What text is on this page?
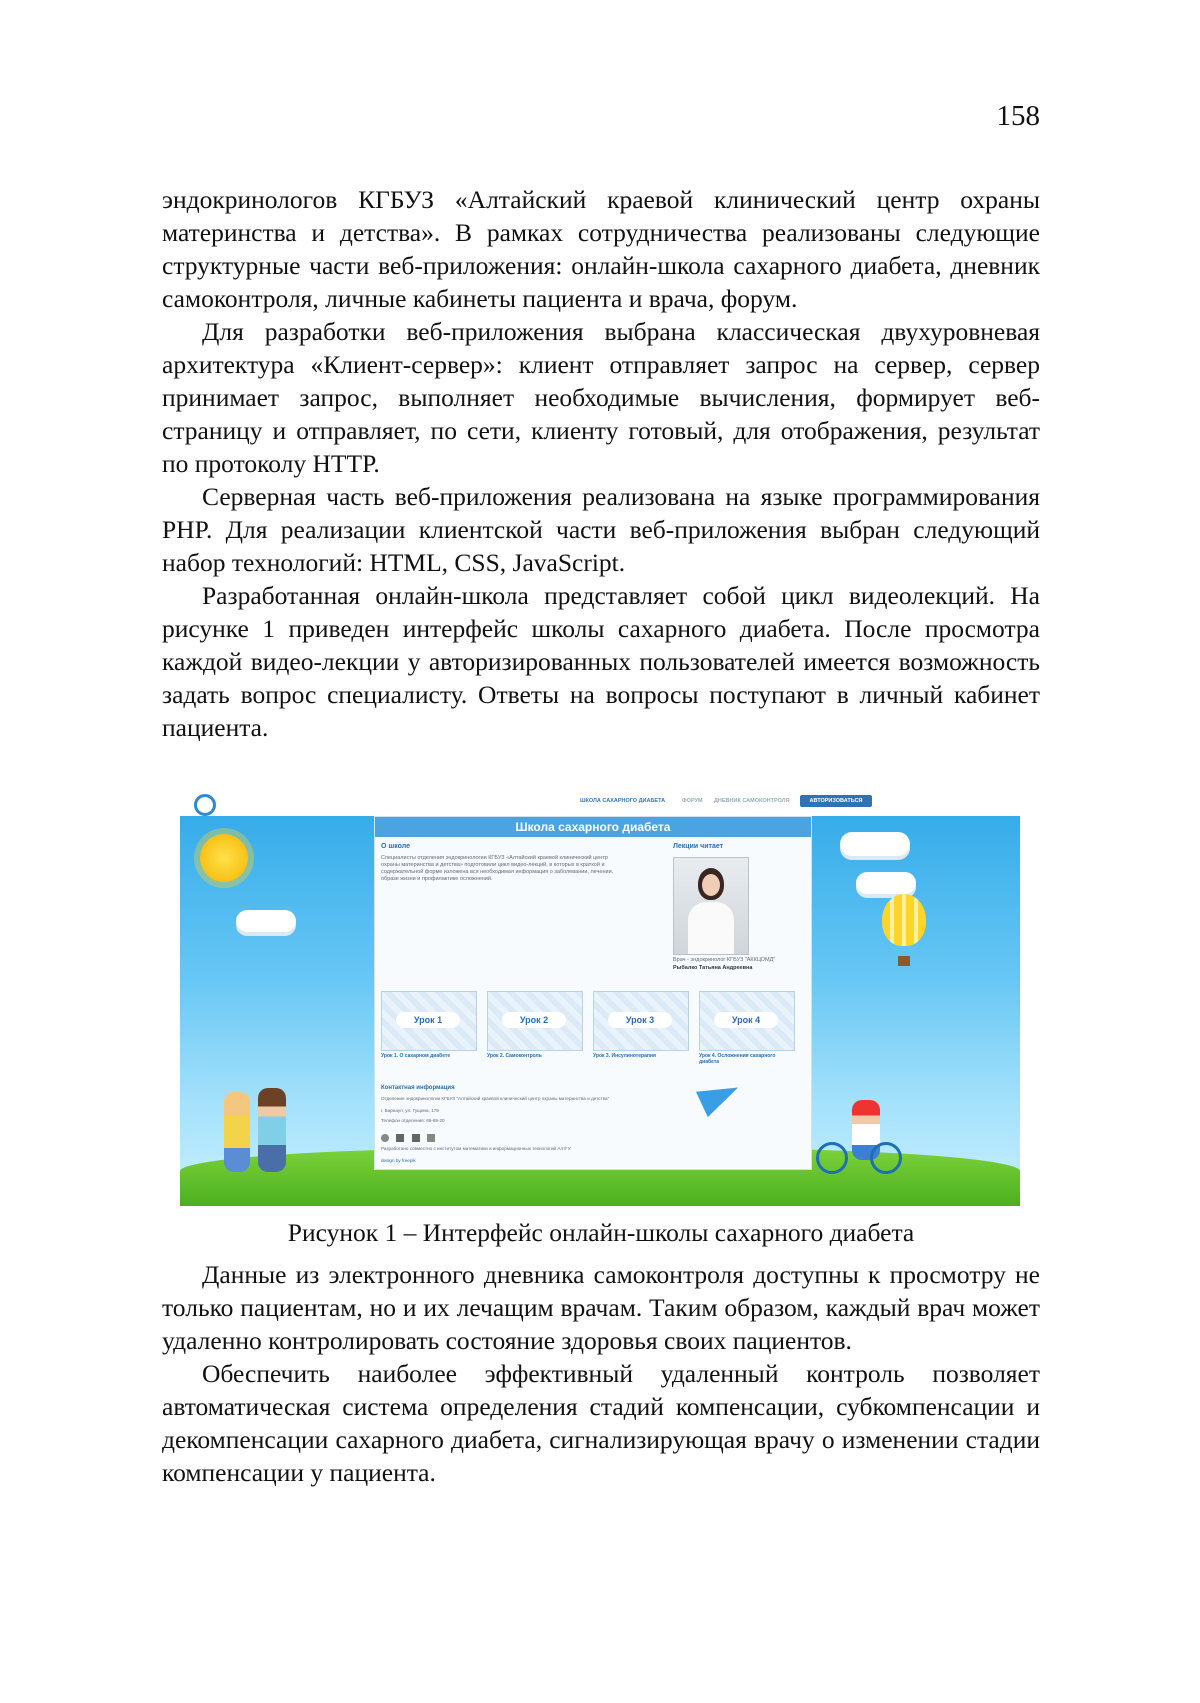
158

эндокринологов КГБУЗ «Алтайский краевой клинический центр охраны материнства и детства». В рамках сотрудничества реализованы следующие структурные части веб-приложения: онлайн-школа сахарного диабета, дневник самоконтроля, личные кабинеты пациента и врача, форум.

Для разработки веб-приложения выбрана классическая двухуровневая архитектура «Клиент-сервер»: клиент отправляет запрос на сервер, сервер принимает запрос, выполняет необходимые вычисления, формирует веб-страницу и отправляет, по сети, клиенту готовый, для отображения, результат по протоколу HTTP.

Серверная часть веб-приложения реализована на языке программирования PHP. Для реализации клиентской части веб-приложения выбран следующий набор технологий: HTML, CSS, JavaScript.

Разработанная онлайн-школа представляет собой цикл видеолекций. На рисунке 1 приведен интерфейс школы сахарного диабета. После просмотра каждой видео-лекции у авторизированных пользователей имеется возможность задать вопрос специалисту. Ответы на вопросы поступают в личный кабинет пациента.

ШКОЛА САХАРНОГО ДИАБЕТА	ФОРУМ ДНЕВНИК САМОКОНТРОЛЯ	АВТОРИЗОВАТЬСЯ
Школа сахарного диабета
О школе
Специалисты отделения эндокринологии КГБУЗ «Алтайский краевой клинический центр охраны материнства и детства» подготовили цикл видео-лекций, в которых в краткой и содержательной форме изложена вся необходимая информация о заболевании, лечении, образе жизни и профилактике осложнений.
Лекции читает
Врач - эндокринолог КГБУЗ "АККЦОМД"
Рыбалко Татьяна Андреевна
Урок 1	Урок 2	Урок 3	Урок 4
Урок 1. О сахарном диабете	Урок 2. Самоконтроль	Урок 3. Инсулинотерапия	Урок 4. Осложнения сахарного диабета
Контактная информация
Отделение эндокринологии КГБУЗ "Алтайский краевой клинический центр охраны материнства и детства"
г. Барнаул, ул. Гущина, 179
Телефон отделения: 66-69-20

Разработано совместно с институтом математики и информационных технологий АлтГУ
design by freepik
Рисунок 1 – Интерфейс онлайн-школы сахарного диабета

Данные из электронного дневника самоконтроля доступны к просмотру не только пациентам, но и их лечащим врачам. Таким образом, каждый врач может удаленно контролировать состояние здоровья своих пациентов.

Обеспечить наиболее эффективный удаленный контроль позволяет автоматическая система определения стадий компенсации, субкомпенсации и декомпенсации сахарного диабета, сигнализирующая врачу о изменении стадии компенсации у пациента.
